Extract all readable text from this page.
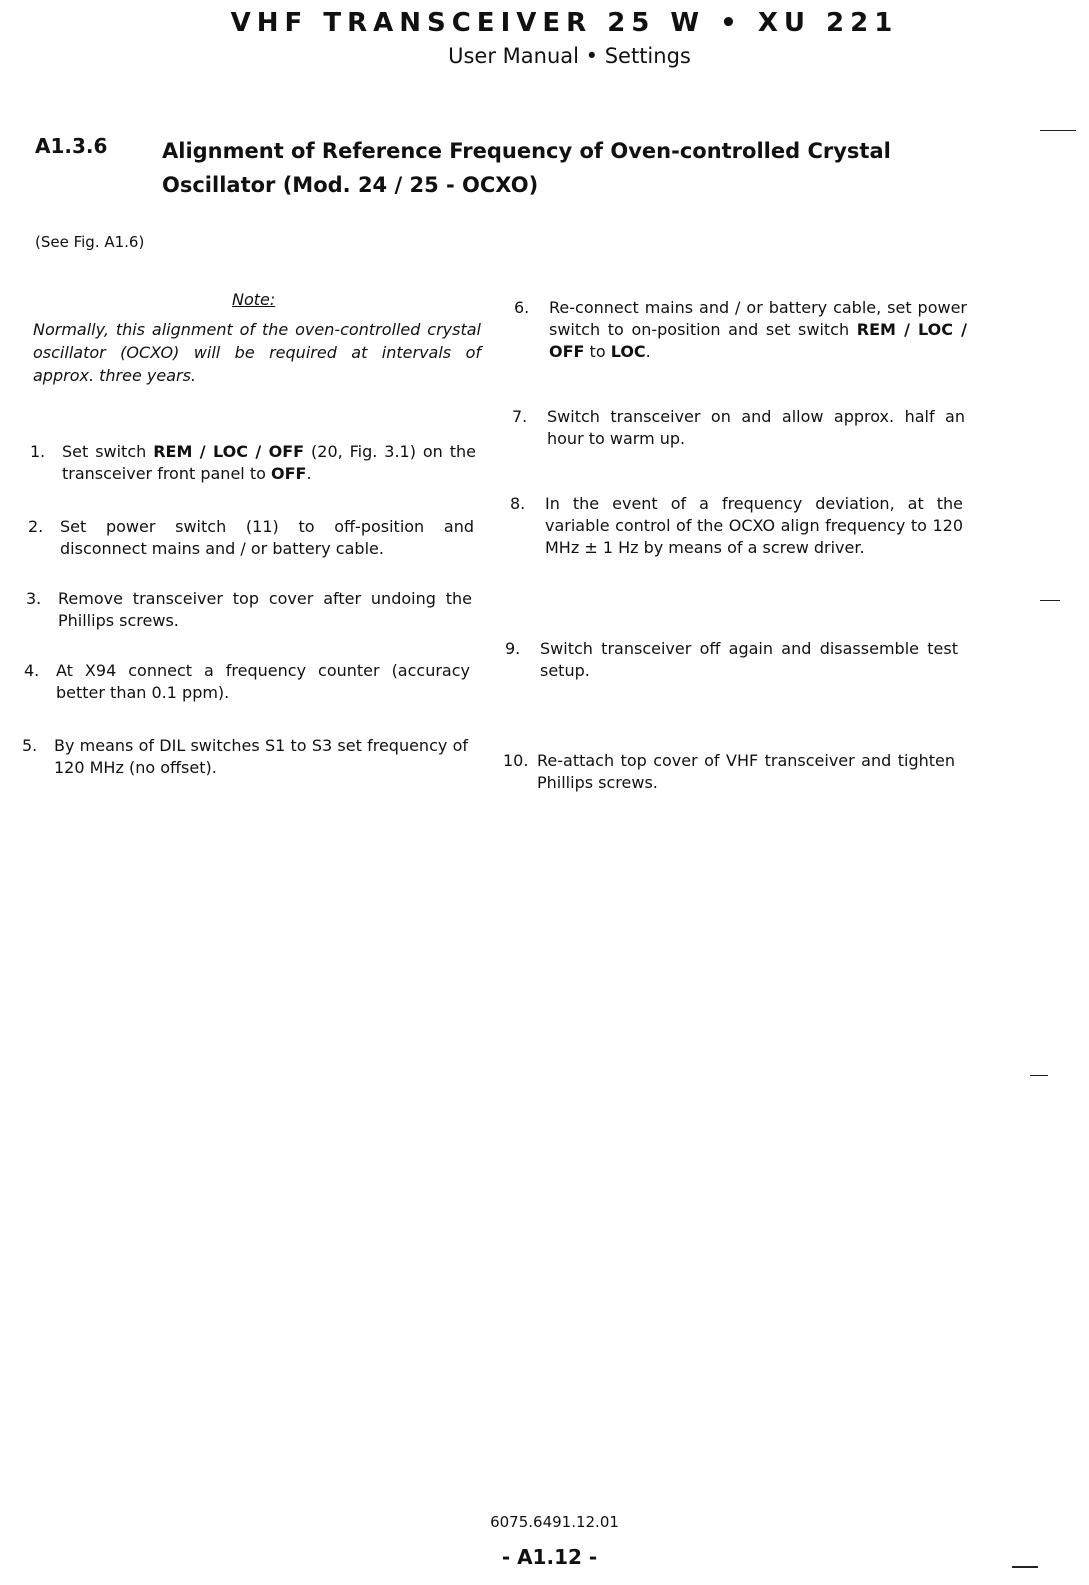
VHF TRANSCEIVER 25 W • XU 221
User Manual • Settings
A1.3.6	Alignment of Reference Frequency of Oven-controlled Crystal
Oscillator (Mod. 24 / 25 - OCXO)
(See Fig. A1.6)
Note:
Normally, this alignment of the oven-controlled crystal oscillator (OCXO) will be required at intervals of approx. three years.
1. Set switch REM / LOC / OFF (20, Fig. 3.1) on the transceiver front panel to OFF.
2. Set power switch (11) to off-position and disconnect mains and / or battery cable.
3. Remove transceiver top cover after undoing the Phillips screws.
4. At X94 connect a frequency counter (accuracy better than 0.1 ppm).
5. By means of DIL switches S1 to S3 set frequency of 120 MHz (no offset).
6. Re-connect mains and / or battery cable, set power switch to on-position and set switch REM / LOC / OFF to LOC.
7. Switch transceiver on and allow approx. half an hour to warm up.
8. In the event of a frequency deviation, at the variable control of the OCXO align frequency to 120 MHz ± 1 Hz by means of a screw driver.
9. Switch transceiver off again and disassemble test setup.
10. Re-attach top cover of VHF transceiver and tighten Phillips screws.
6075.6491.12.01
- A1.12 -
